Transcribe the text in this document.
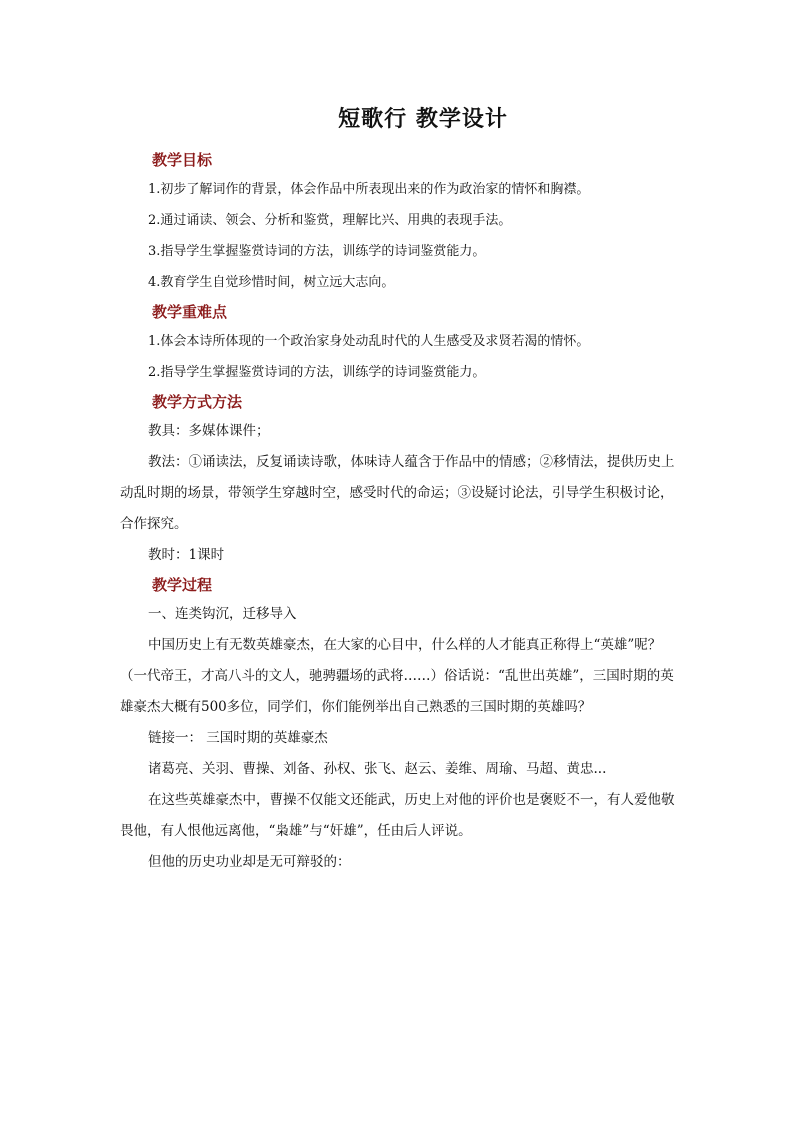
短歌行 教学设计
教学目标

1.初步了解词作的背景，体会作品中所表现出来的作为政治家的情怀和胸襟。

2.通过诵读、领会、分析和鉴赏，理解比兴、用典的表现手法。

3.指导学生掌握鉴赏诗词的方法，训练学的诗词鉴赏能力。

4.教育学生自觉珍惜时间，树立远大志向。

教学重难点

1.体会本诗所体现的一个政治家身处动乱时代的人生感受及求贤若渴的情怀。

2.指导学生掌握鉴赏诗词的方法，训练学的诗词鉴赏能力。

教学方式方法

教具：多媒体课件；

教法：①诵读法，反复诵读诗歌，体味诗人蕴含于作品中的情感；②移情法，提供历史上动乱时期的场景，带领学生穿越时空，感受时代的命运；③设疑讨论法，引导学生积极讨论，合作探究。

教时：1课时

教学过程

一、连类钩沉，迁移导入

中国历史上有无数英雄豪杰，在大家的心目中，什么样的人才能真正称得上“英雄”呢？（一代帝王，才高八斗的文人，驰骋疆场的武将……）俗话说：“乱世出英雄”，三国时期的英雄豪杰大概有500多位，同学们，你们能例举出自己熟悉的三国时期的英雄吗？

链接一： 三国时期的英雄豪杰

诸葛亮、关羽、曹操、刘备、孙权、张飞、赵云、姜维、周瑜、马超、黄忠...

在这些英雄豪杰中，曹操不仅能文还能武，历史上对他的评价也是褒贬不一，有人爱他敬畏他，有人恨他远离他，“枭雄”与“奸雄”，任由后人评说。

但他的历史功业却是无可辩驳的：
